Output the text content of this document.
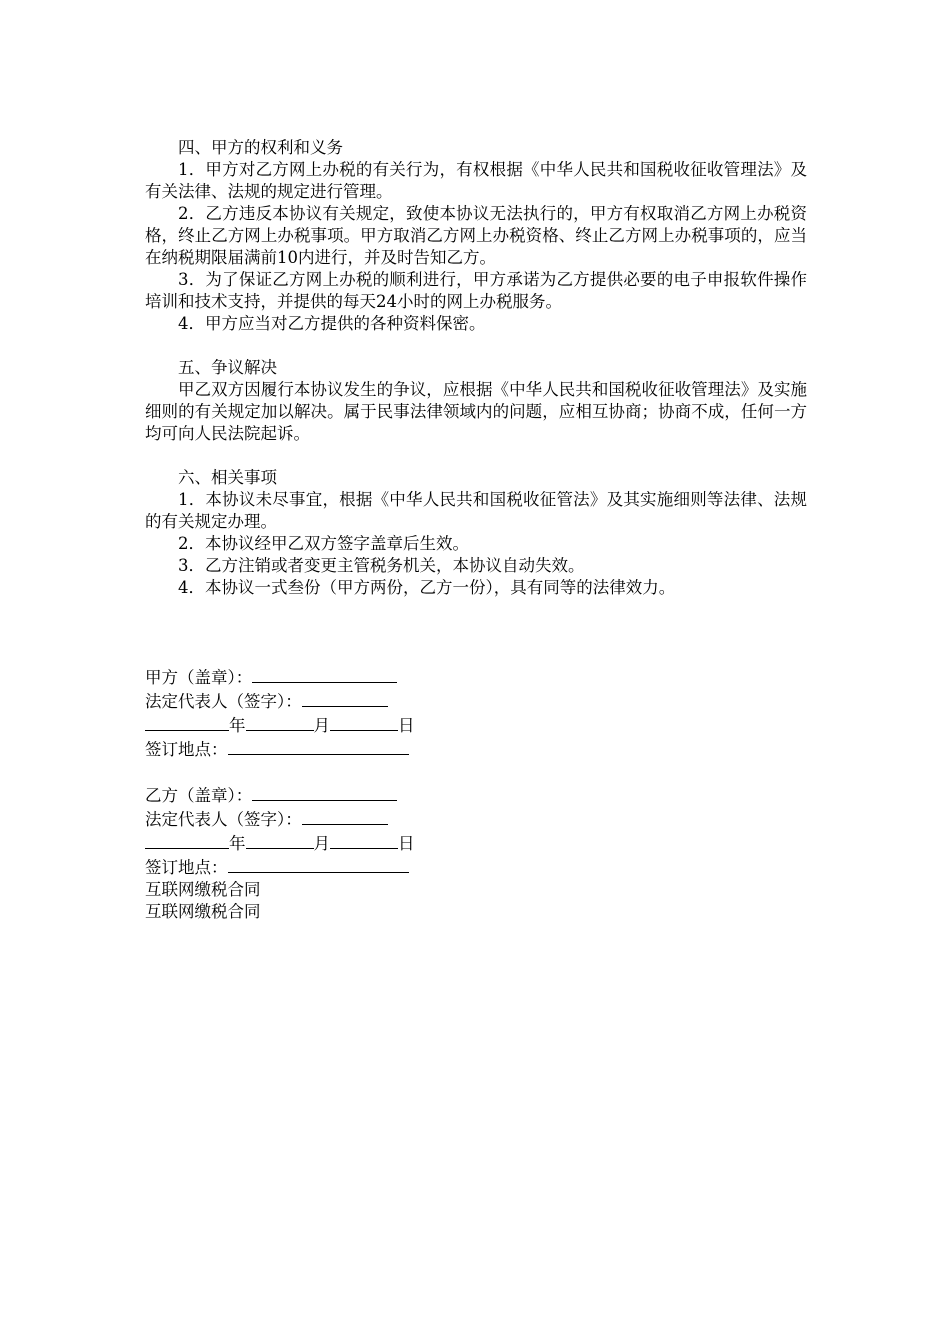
四、甲方的权利和义务

1．甲方对乙方网上办税的有关行为，有权根据《中华人民共和国税收征收管理法》及有关法律、法规的规定进行管理。

2．乙方违反本协议有关规定，致使本协议无法执行的，甲方有权取消乙方网上办税资格，终止乙方网上办税事项。甲方取消乙方网上办税资格、终止乙方网上办税事项的，应当在纳税期限届满前10内进行，并及时告知乙方。

3．为了保证乙方网上办税的顺利进行，甲方承诺为乙方提供必要的电子申报软件操作培训和技术支持，并提供的每天24小时的网上办税服务。

4．甲方应当对乙方提供的各种资料保密。

五、争议解决

甲乙双方因履行本协议发生的争议，应根据《中华人民共和国税收征收管理法》及实施细则的有关规定加以解决。属于民事法律领域内的问题，应相互协商；协商不成，任何一方均可向人民法院起诉。

六、相关事项

1．本协议未尽事宜，根据《中华人民共和国税收征管法》及其实施细则等法律、法规的有关规定办理。

2．本协议经甲乙双方签字盖章后生效。

3．乙方注销或者变更主管税务机关，本协议自动失效。

4．本协议一式叁份（甲方两份，乙方一份），具有同等的法律效力。

甲方（盖章）：

法定代表人（签字）：

年	月	日

签订地点：

乙方（盖章）：

法定代表人（签字）：

年	月	日

签订地点：

互联网缴税合同

互联网缴税合同
